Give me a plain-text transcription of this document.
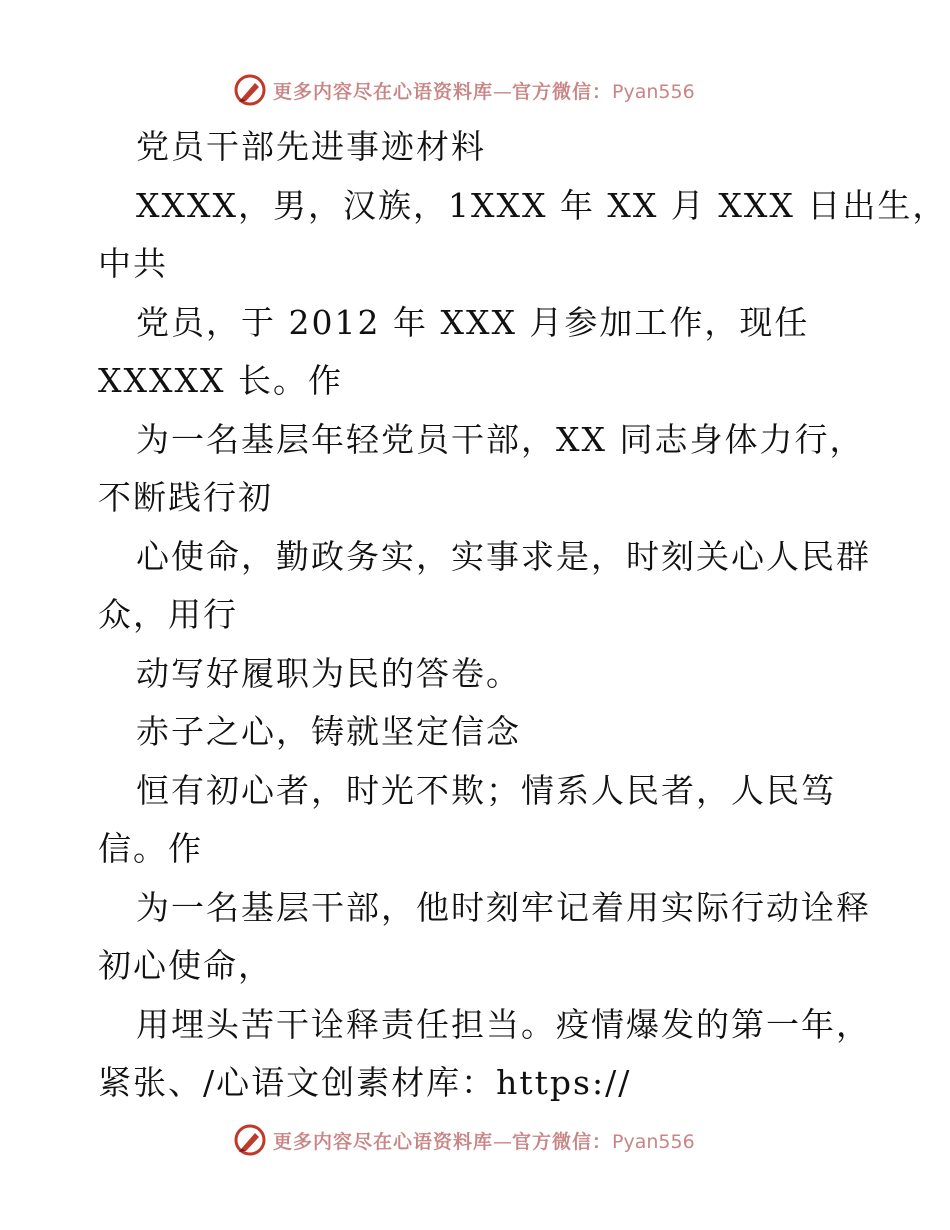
更多内容尽在心语资料库—官方微信：Pyan556
党员干部先进事迹材料
XXXX，男，汉族，1XXX 年 XX 月 XXX 日出生，
中共
党员，于 2012 年 XXX 月参加工作，现任
XXXXX 长。作
为一名基层年轻党员干部，XX 同志身体力行，
不断践行初
心使命，勤政务实，实事求是，时刻关心人民群
众，用行
动写好履职为民的答卷。
赤子之心，铸就坚定信念
恒有初心者，时光不欺；情系人民者，人民笃
信。作
为一名基层干部，他时刻牢记着用实际行动诠释
初心使命，
用埋头苦干诠释责任担当。疫情爆发的第一年，
紧张、/心语文创素材库：https://
更多内容尽在心语资料库—官方微信：Pyan556
